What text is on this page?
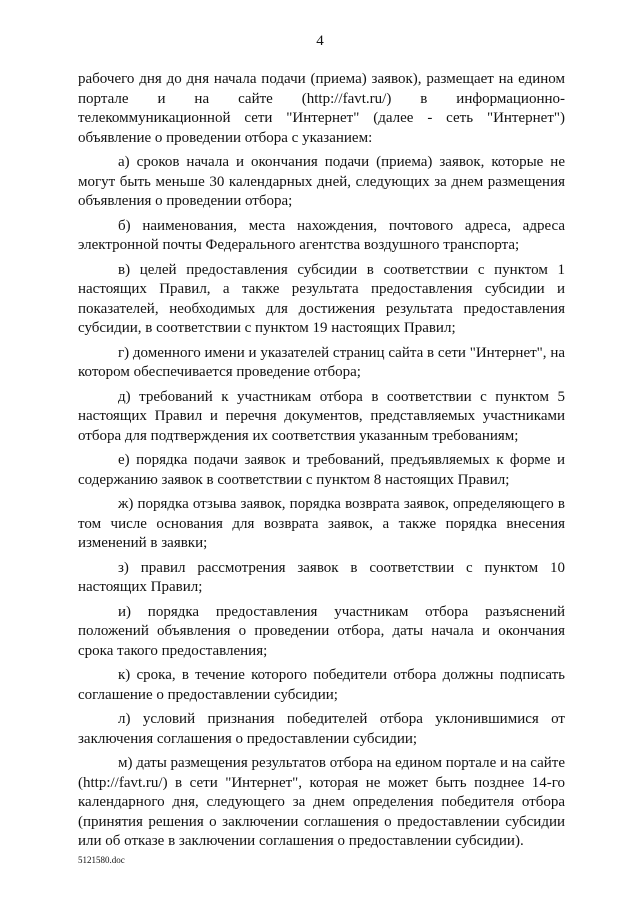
4

рабочего дня до дня начала подачи (приема) заявок), размещает на едином портале и на сайте (http://favt.ru/) в информационно-телекоммуникационной сети "Интернет" (далее - сеть "Интернет") объявление о проведении отбора с указанием:

а) сроков начала и окончания подачи (приема) заявок, которые не могут быть меньше 30 календарных дней, следующих за днем размещения объявления о проведении отбора;

б) наименования, места нахождения, почтового адреса, адреса электронной почты Федерального агентства воздушного транспорта;

в) целей предоставления субсидии в соответствии с пунктом 1 настоящих Правил, а также результата предоставления субсидии и показателей, необходимых для достижения результата предоставления субсидии, в соответствии с пунктом 19 настоящих Правил;

г) доменного имени и указателей страниц сайта в сети "Интернет", на котором обеспечивается проведение отбора;

д) требований к участникам отбора в соответствии с пунктом 5 настоящих Правил и перечня документов, представляемых участниками отбора для подтверждения их соответствия указанным требованиям;

е) порядка подачи заявок и требований, предъявляемых к форме и содержанию заявок в соответствии с пунктом 8 настоящих Правил;

ж) порядка отзыва заявок, порядка возврата заявок, определяющего в том числе основания для возврата заявок, а также порядка внесения изменений в заявки;

з) правил рассмотрения заявок в соответствии с пунктом 10 настоящих Правил;

и) порядка предоставления участникам отбора разъяснений положений объявления о проведении отбора, даты начала и окончания срока такого предоставления;

к) срока, в течение которого победители отбора должны подписать соглашение о предоставлении субсидии;

л) условий признания победителей отбора уклонившимися от заключения соглашения о предоставлении субсидии;

м) даты размещения результатов отбора на едином портале и на сайте (http://favt.ru/) в сети "Интернет", которая не может быть позднее 14-го календарного дня, следующего за днем определения победителя отбора (принятия решения о заключении соглашения о предоставлении субсидии или об отказе в заключении соглашения о предоставлении субсидии).

5121580.doc
